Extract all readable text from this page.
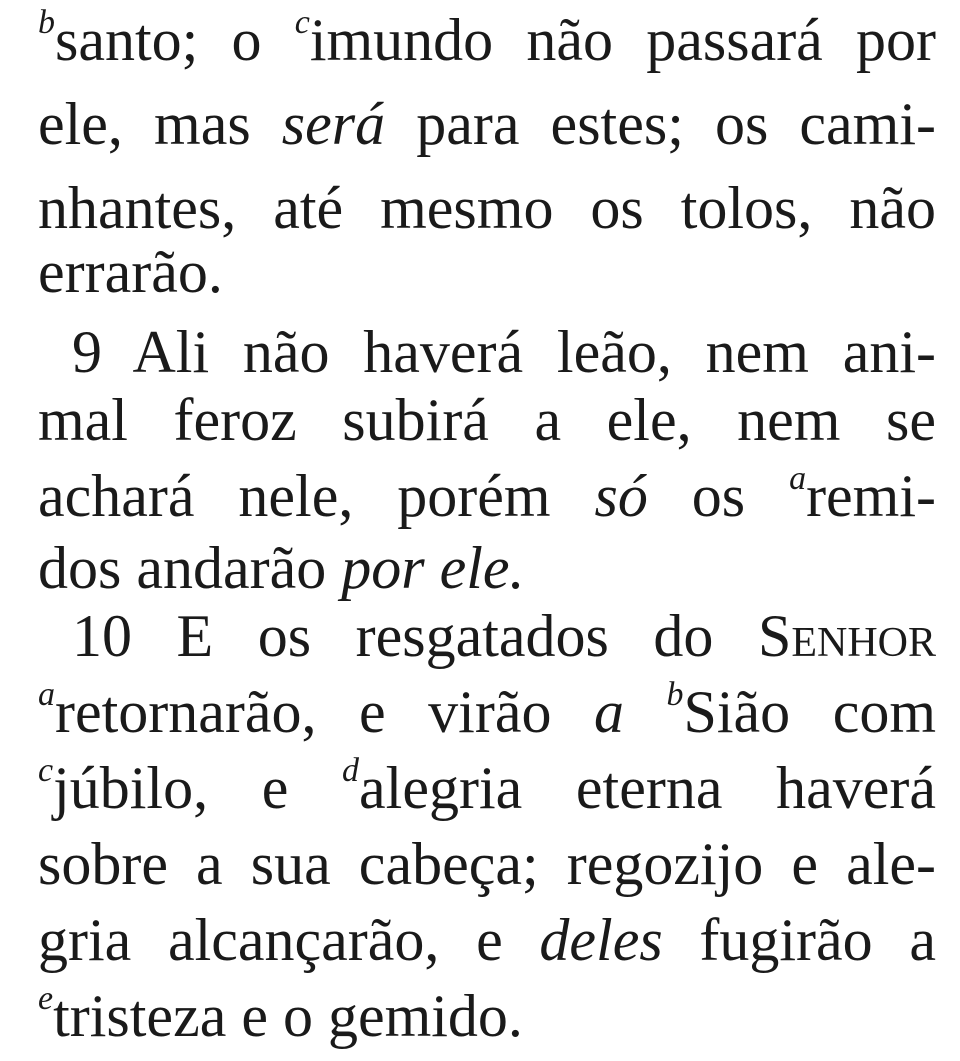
$^b$santo; o $^c$imundo não passará por
ele, mas será para estes; os cami-
nhantes, até mesmo os tolos, não
errarão.
9 Ali não haverá leão, nem ani-
mal feroz subirá a ele, nem se
achará nele, porém só os $^a$remi-
dos andarão por ele.
10 E os resgatados do Senhor
$^a$retornarão, e virão a $^b$Sião com
$^c$júbilo, e $^d$alegria eterna haverá
sobre a sua cabeça; regozijo e ale-
gria alcançarão, e deles fugirão a
$^e$tristeza e o gemido.
